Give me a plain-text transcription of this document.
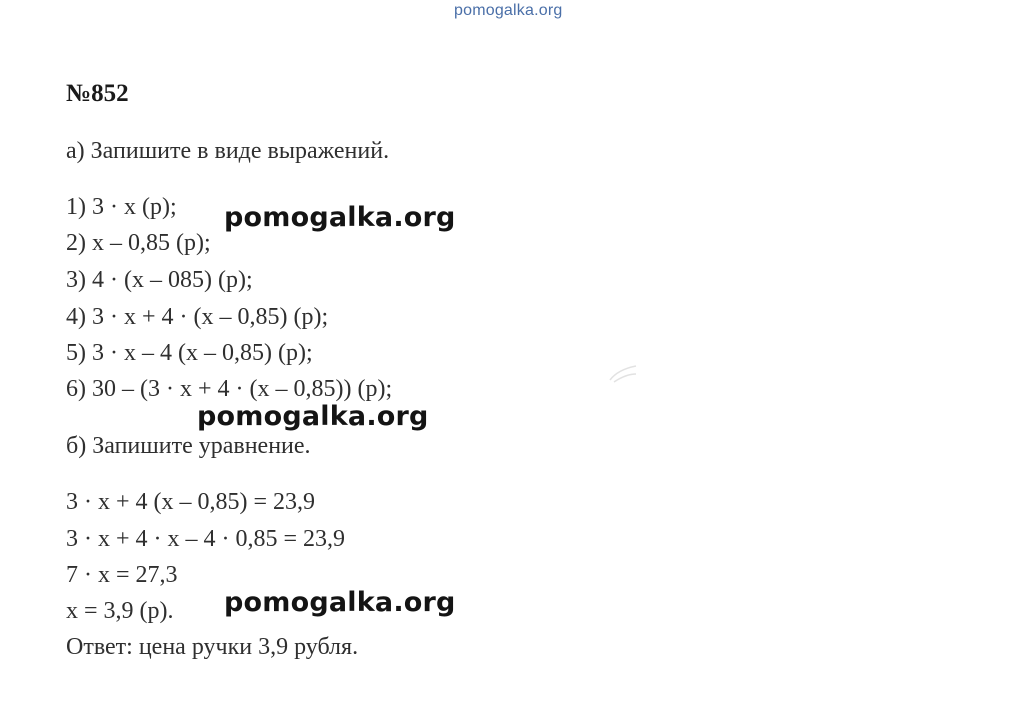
pomogalka.org
№852
а) Запишите в виде выражений.
1) 3 · x (р);
2) x – 0,85 (р);
3) 4 · (x – 085) (р);
4) 3 · x + 4 · (x – 0,85) (р);
5) 3 · x – 4 (x – 0,85) (р);
6) 30 – (3 · x + 4 · (x – 0,85)) (р);
б) Запишите уравнение.
3 · x + 4 (x – 0,85) = 23,9
3 · x + 4 · x – 4 · 0,85 = 23,9
7 · x = 27,3
x = 3,9 (р).
Ответ: цена ручки 3,9 рубля.
pomogalka.org
pomogalka.org
pomogalka.org
